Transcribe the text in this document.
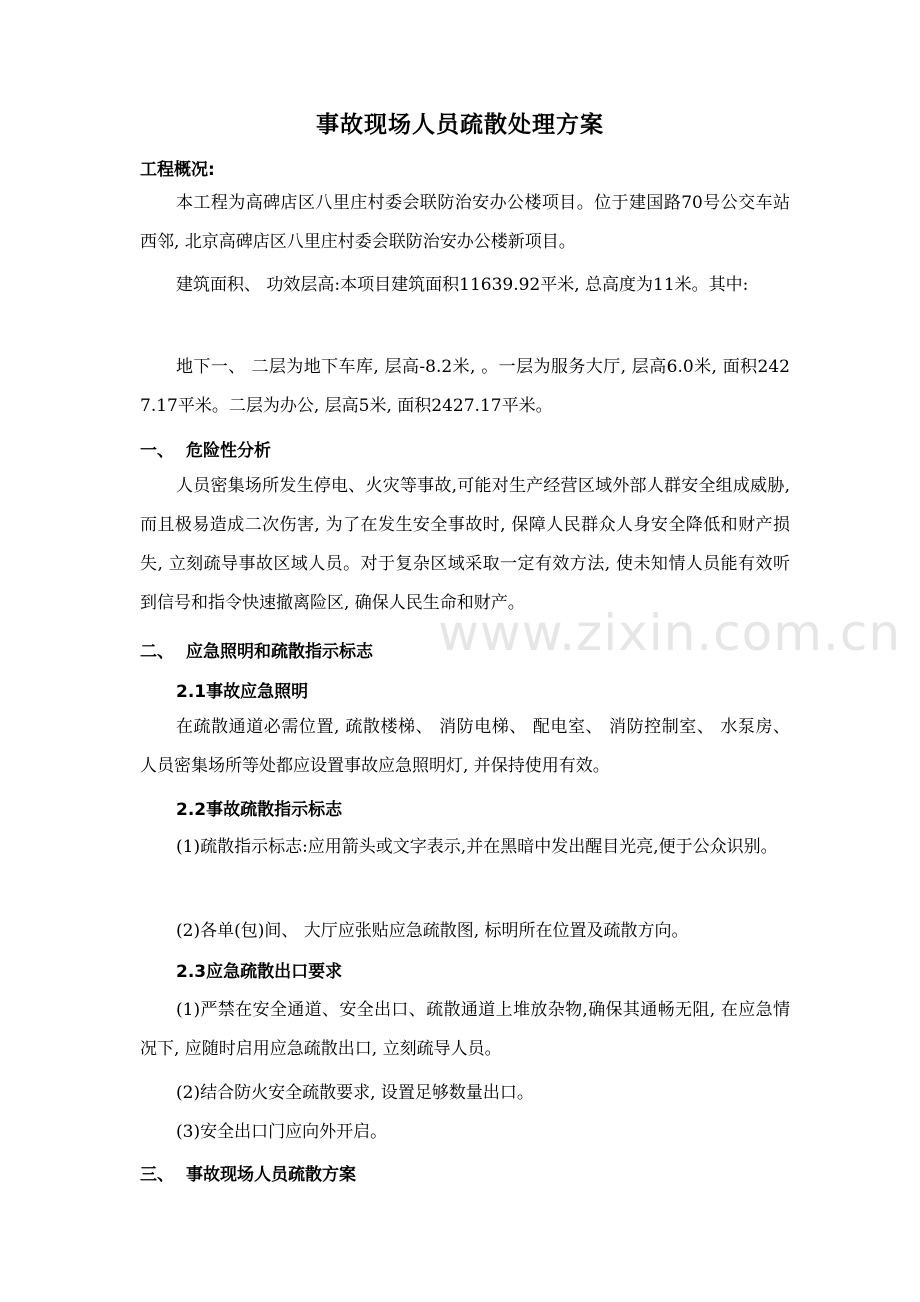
事故现场人员疏散处理方案
工程概况:
本工程为高碑店区八里庄村委会联防治安办公楼项目。位于建国路70号公交车站西邻, 北京高碑店区八里庄村委会联防治安办公楼新项目。
建筑面积、 功效层高:本项目建筑面积11639.92平米, 总高度为11米。其中:
地下一、 二层为地下车库, 层高-8.2米, 。一层为服务大厅, 层高6.0米, 面积2427.17平米。二层为办公, 层高5米, 面积2427.17平米。
一、 危险性分析
人员密集场所发生停电、火灾等事故,可能对生产经营区域外部人群安全组成威胁, 而且极易造成二次伤害, 为了在发生安全事故时, 保障人民群众人身安全降低和财产损失, 立刻疏导事故区域人员。对于复杂区域采取一定有效方法, 使未知情人员能有效听到信号和指令快速撤离险区, 确保人民生命和财产。
二、 应急照明和疏散指示标志
2.1事故应急照明
在疏散通道必需位置, 疏散楼梯、 消防电梯、 配电室、 消防控制室、 水泵房、 人员密集场所等处都应设置事故应急照明灯, 并保持使用有效。
2.2事故疏散指示标志
(1)疏散指示标志:应用箭头或文字表示,并在黑暗中发出醒目光亮,便于公众识别。
(2)各单(包)间、 大厅应张贴应急疏散图, 标明所在位置及疏散方向。
2.3应急疏散出口要求
(1)严禁在安全通道、安全出口、疏散通道上堆放杂物,确保其通畅无阻, 在应急情况下, 应随时启用应急疏散出口, 立刻疏导人员。
(2)结合防火安全疏散要求, 设置足够数量出口。
(3)安全出口门应向外开启。
三、 事故现场人员疏散方案
www.zixin.com.cn
